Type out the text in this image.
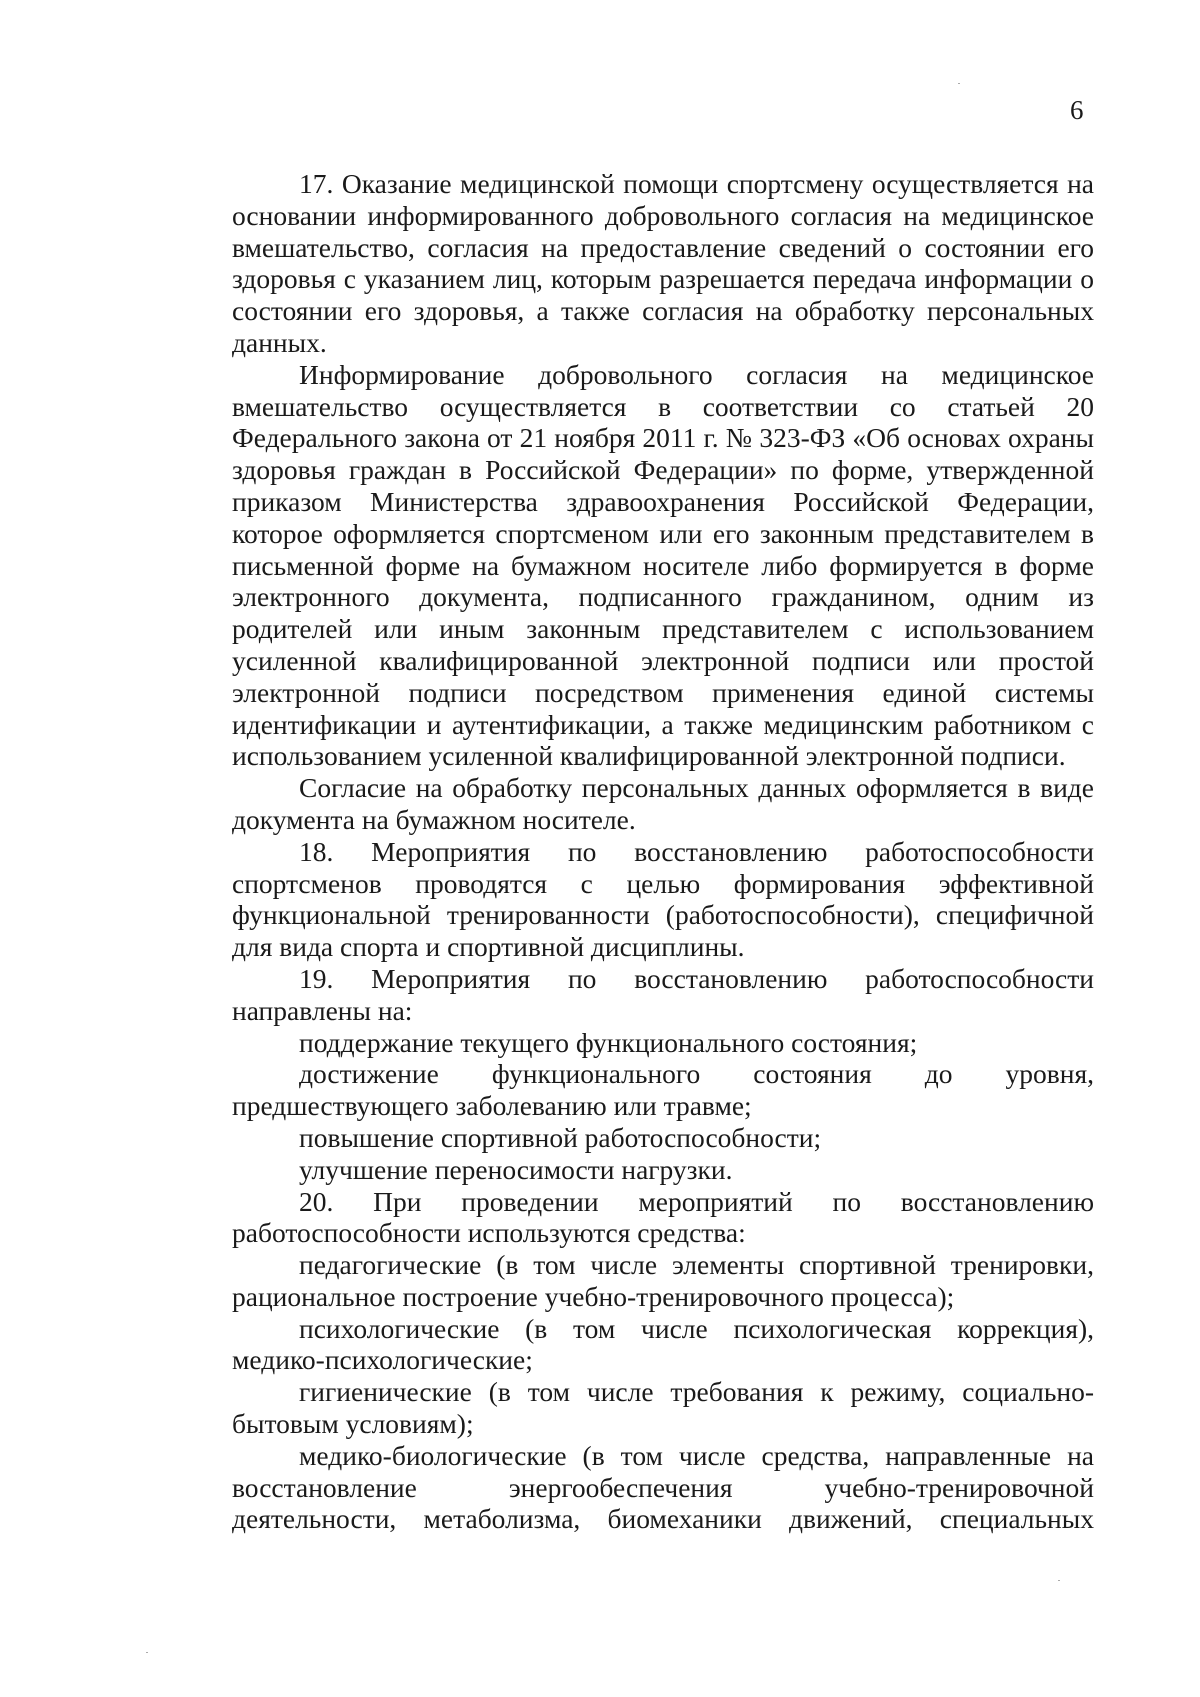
6

17. Оказание медицинской помощи спортсмену осуществляется на основании информированного добровольного согласия на медицинское вмешательство, согласия на предоставление сведений о состоянии его здоровья с указанием лиц, которым разрешается передача информации о состоянии его здоровья, а также согласия на обработку персональных данных.

Информирование добровольного согласия на медицинское вмешательство осуществляется в соответствии со статьей 20 Федерального закона от 21 ноября 2011 г. № 323-ФЗ «Об основах охраны здоровья граждан в Российской Федерации» по форме, утвержденной приказом Министерства здравоохранения Российской Федерации, которое оформляется спортсменом или его законным представителем в письменной форме на бумажном носителе либо формируется в форме электронного документа, подписанного гражданином, одним из родителей или иным законным представителем с использованием усиленной квалифицированной электронной подписи или простой электронной подписи посредством применения единой системы идентификации и аутентификации, а также медицинским работником с использованием усиленной квалифицированной электронной подписи.

Согласие на обработку персональных данных оформляется в виде документа на бумажном носителе.

18. Мероприятия по восстановлению работоспособности спортсменов проводятся с целью формирования эффективной функциональной тренированности (работоспособности), специфичной для вида спорта и спортивной дисциплины.

19. Мероприятия по восстановлению работоспособности направлены на:

поддержание текущего функционального состояния;

достижение функционального состояния до уровня, предшествующего заболеванию или травме;

повышение спортивной работоспособности;

улучшение переносимости нагрузки.

20. При проведении мероприятий по восстановлению работоспособности используются средства:

педагогические (в том числе элементы спортивной тренировки, рациональное построение учебно-тренировочного процесса);

психологические (в том числе психологическая коррекция), медико-психологические;

гигиенические (в том числе требования к режиму, социально-бытовым условиям);

медико-биологические (в том числе средства, направленные на восстановление энергообеспечения учебно-тренировочной деятельности, метаболизма, биомеханики движений, специальных
